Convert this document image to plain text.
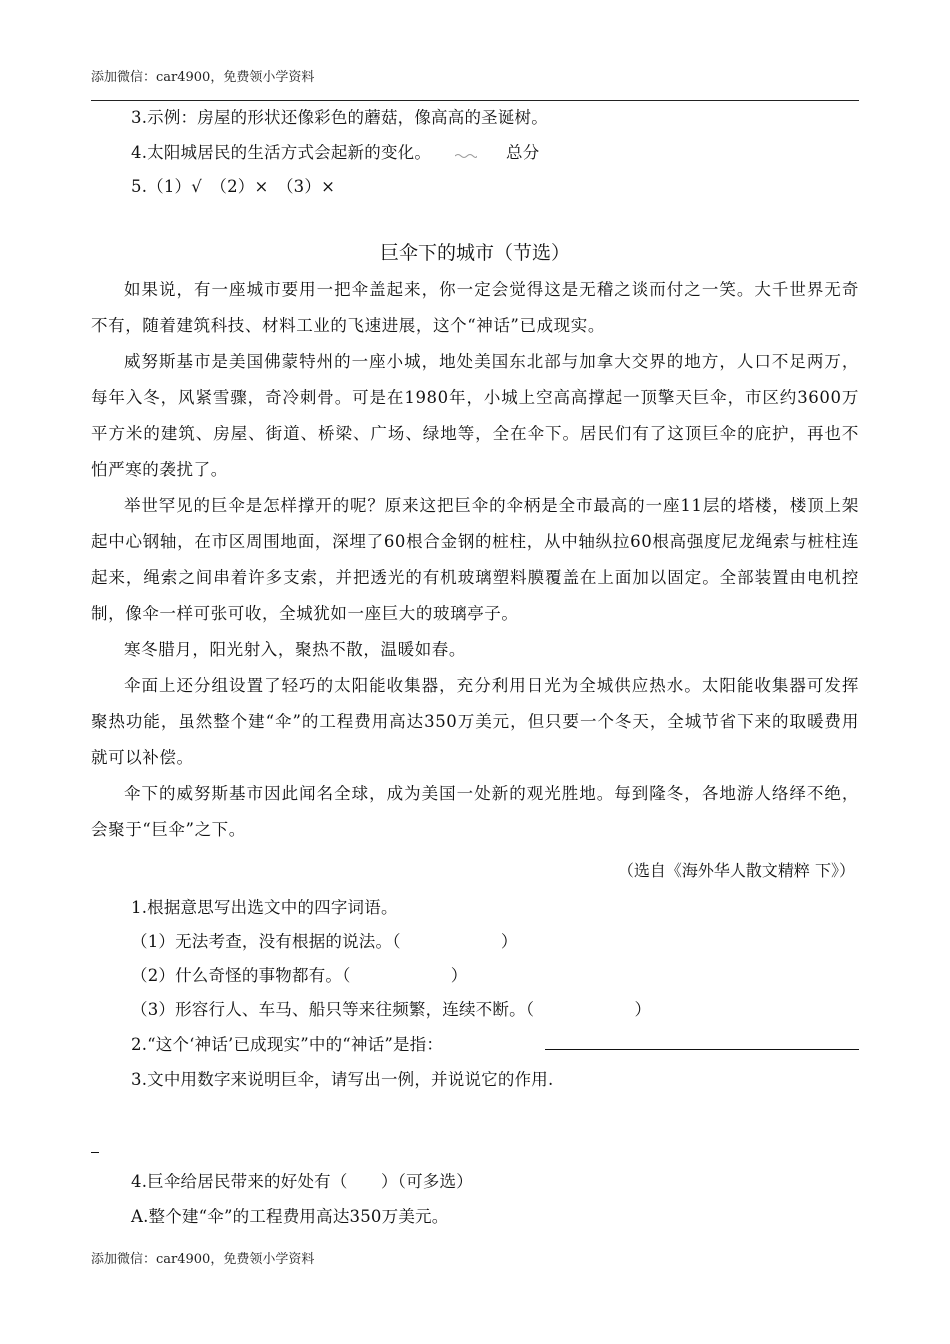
添加微信：car4900，免费领小学资料
3.示例：房屋的形状还像彩色的蘑菇，像高高的圣诞树。
4.太阳城居民的生活方式会起新的变化。	总分
5.（1）√　（2）×　（3）×
巨伞下的城市（节选）
如果说，有一座城市要用一把伞盖起来，你一定会觉得这是无稽之谈而付之一笑。大千世界无奇不有，随着建筑科技、材料工业的飞速进展，这个“神话”已成现实。
威努斯基市是美国佛蒙特州的一座小城，地处美国东北部与加拿大交界的地方，人口不足两万，每年入冬，风紧雪骤，奇冷刺骨。可是在1980年，小城上空高高撑起一顶擎天巨伞，市区约3600万平方米的建筑、房屋、街道、桥梁、广场、绿地等，全在伞下。居民们有了这顶巨伞的庇护，再也不怕严寒的袭扰了。
举世罕见的巨伞是怎样撑开的呢？原来这把巨伞的伞柄是全市最高的一座11层的塔楼，楼顶上架起中心钢轴，在市区周围地面，深埋了60根合金钢的桩柱，从中轴纵拉60根高强度尼龙绳索与桩柱连起来，绳索之间串着许多支索，并把透光的有机玻璃塑料膜覆盖在上面加以固定。全部装置由电机控制，像伞一样可张可收，全城犹如一座巨大的玻璃亭子。
寒冬腊月，阳光射入，聚热不散，温暖如春。
伞面上还分组设置了轻巧的太阳能收集器，充分利用日光为全城供应热水。太阳能收集器可发挥聚热功能，虽然整个建“伞”的工程费用高达350万美元，但只要一个冬天，全城节省下来的取暖费用就可以补偿。
伞下的威努斯基市因此闻名全球，成为美国一处新的观光胜地。每到隆冬，各地游人络绎不绝，会聚于“巨伞”之下。
（选自《海外华人散文精粹 下》）
1.根据意思写出选文中的四字词语。
（1）无法考查，没有根据的说法。（　　　　　　）
（2）什么奇怪的事物都有。（　　　　　　）
（3）形容行人、车马、船只等来往频繁，连续不断。（　　　　　　）
2.“这个‘神话’已成现实”中的“神话”是指：
3.文中用数字来说明巨伞，请写出一例，并说说它的作用.
4.巨伞给居民带来的好处有（　　）（可多选）
A.整个建“伞”的工程费用高达350万美元。
添加微信：car4900，免费领小学资料
